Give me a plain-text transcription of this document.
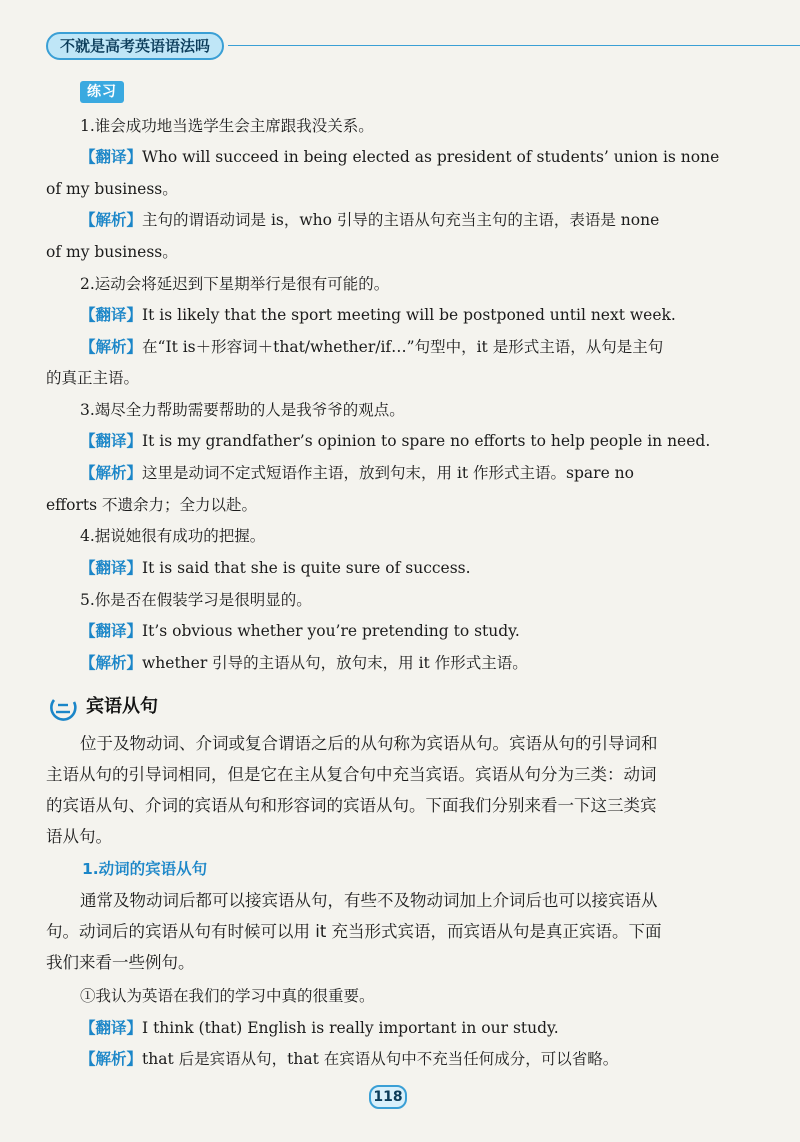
不就是高考英语语法吗
练习
1.谁会成功地当选学生会主席跟我没关系。
【翻译】Who will succeed in being elected as president of students’ union is none
of my business。
【解析】主句的谓语动词是 is，who 引导的主语从句充当主句的主语，表语是 none
of my business。
2.运动会将延迟到下星期举行是很有可能的。
【翻译】It is likely that the sport meeting will be postponed until next week.
【解析】在“It is＋形容词＋that/whether/if…”句型中，it 是形式主语，从句是主句
的真正主语。
3.竭尽全力帮助需要帮助的人是我爷爷的观点。
【翻译】It is my grandfather’s opinion to spare no efforts to help people in need.
【解析】这里是动词不定式短语作主语，放到句末，用 it 作形式主语。spare no
efforts 不遗余力；全力以赴。
4.据说她很有成功的把握。
【翻译】It is said that she is quite sure of success.
5.你是否在假装学习是很明显的。
【翻译】It’s obvious whether you’re pretending to study.
【解析】whether 引导的主语从句，放句末，用 it 作形式主语。
宾语从句
位于及物动词、介词或复合谓语之后的从句称为宾语从句。宾语从句的引导词和
主语从句的引导词相同，但是它在主从复合句中充当宾语。宾语从句分为三类：动词
的宾语从句、介词的宾语从句和形容词的宾语从句。下面我们分别来看一下这三类宾
语从句。
1.动词的宾语从句
通常及物动词后都可以接宾语从句，有些不及物动词加上介词后也可以接宾语从
句。动词后的宾语从句有时候可以用 it 充当形式宾语，而宾语从句是真正宾语。下面
我们来看一些例句。
①我认为英语在我们的学习中真的很重要。
【翻译】I think (that) English is really important in our study.
【解析】that 后是宾语从句，that 在宾语从句中不充当任何成分，可以省略。
118
